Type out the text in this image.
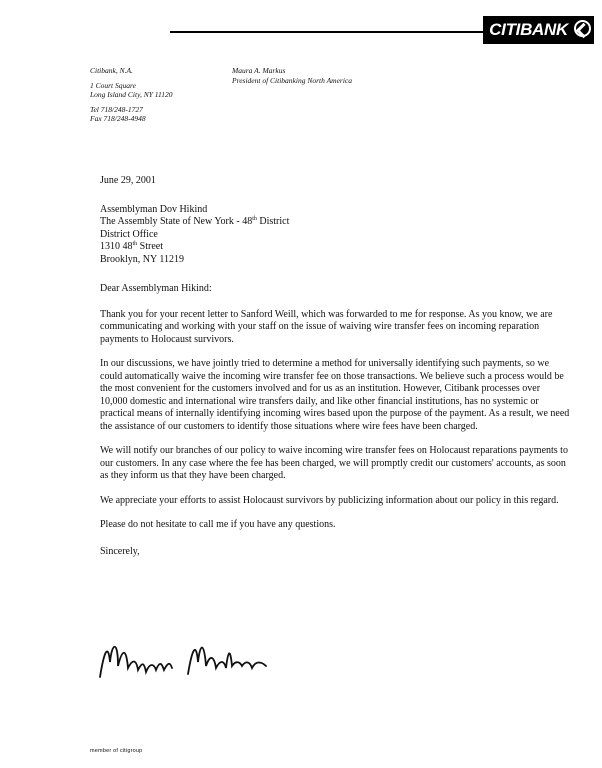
CITIBANK
Citibank, N.A.
1 Court Square
Long Island City, NY 11120
Tel 718/248-1727
Fax 718/248-4948
Maura A. Markus
President of Citibanking North America

June 29, 2001

Assemblyman Dov Hikind

The Assembly State of New York - 48th District

District Office

1310 48th Street

Brooklyn, NY 11219

Dear Assemblyman Hikind:

Thank you for your recent letter to Sanford Weill, which was forwarded to me for response. As you know, we are communicating and working with your staff on the issue of waiving wire transfer fees on incoming reparation payments to Holocaust survivors.

In our discussions, we have jointly tried to determine a method for universally identifying such payments, so we could automatically waive the incoming wire transfer fee on those transactions. We believe such a process would be the most convenient for the customers involved and for us as an institution. However, Citibank processes over 10,000 domestic and international wire transfers daily, and like other financial institutions, has no systemic or practical means of internally identifying incoming wires based upon the purpose of the payment. As a result, we need the assistance of our customers to identify those situations where wire fees have been charged.

We will notify our branches of our policy to waive incoming wire transfer fees on Holocaust reparations payments to our customers. In any case where the fee has been charged, we will promptly credit our customers' accounts, as soon as they inform us that they have been charged.

We appreciate your efforts to assist Holocaust survivors by publicizing information about our policy in this regard.

Please do not hesitate to call me if you have any questions.

Sincerely,

member of citigroup
